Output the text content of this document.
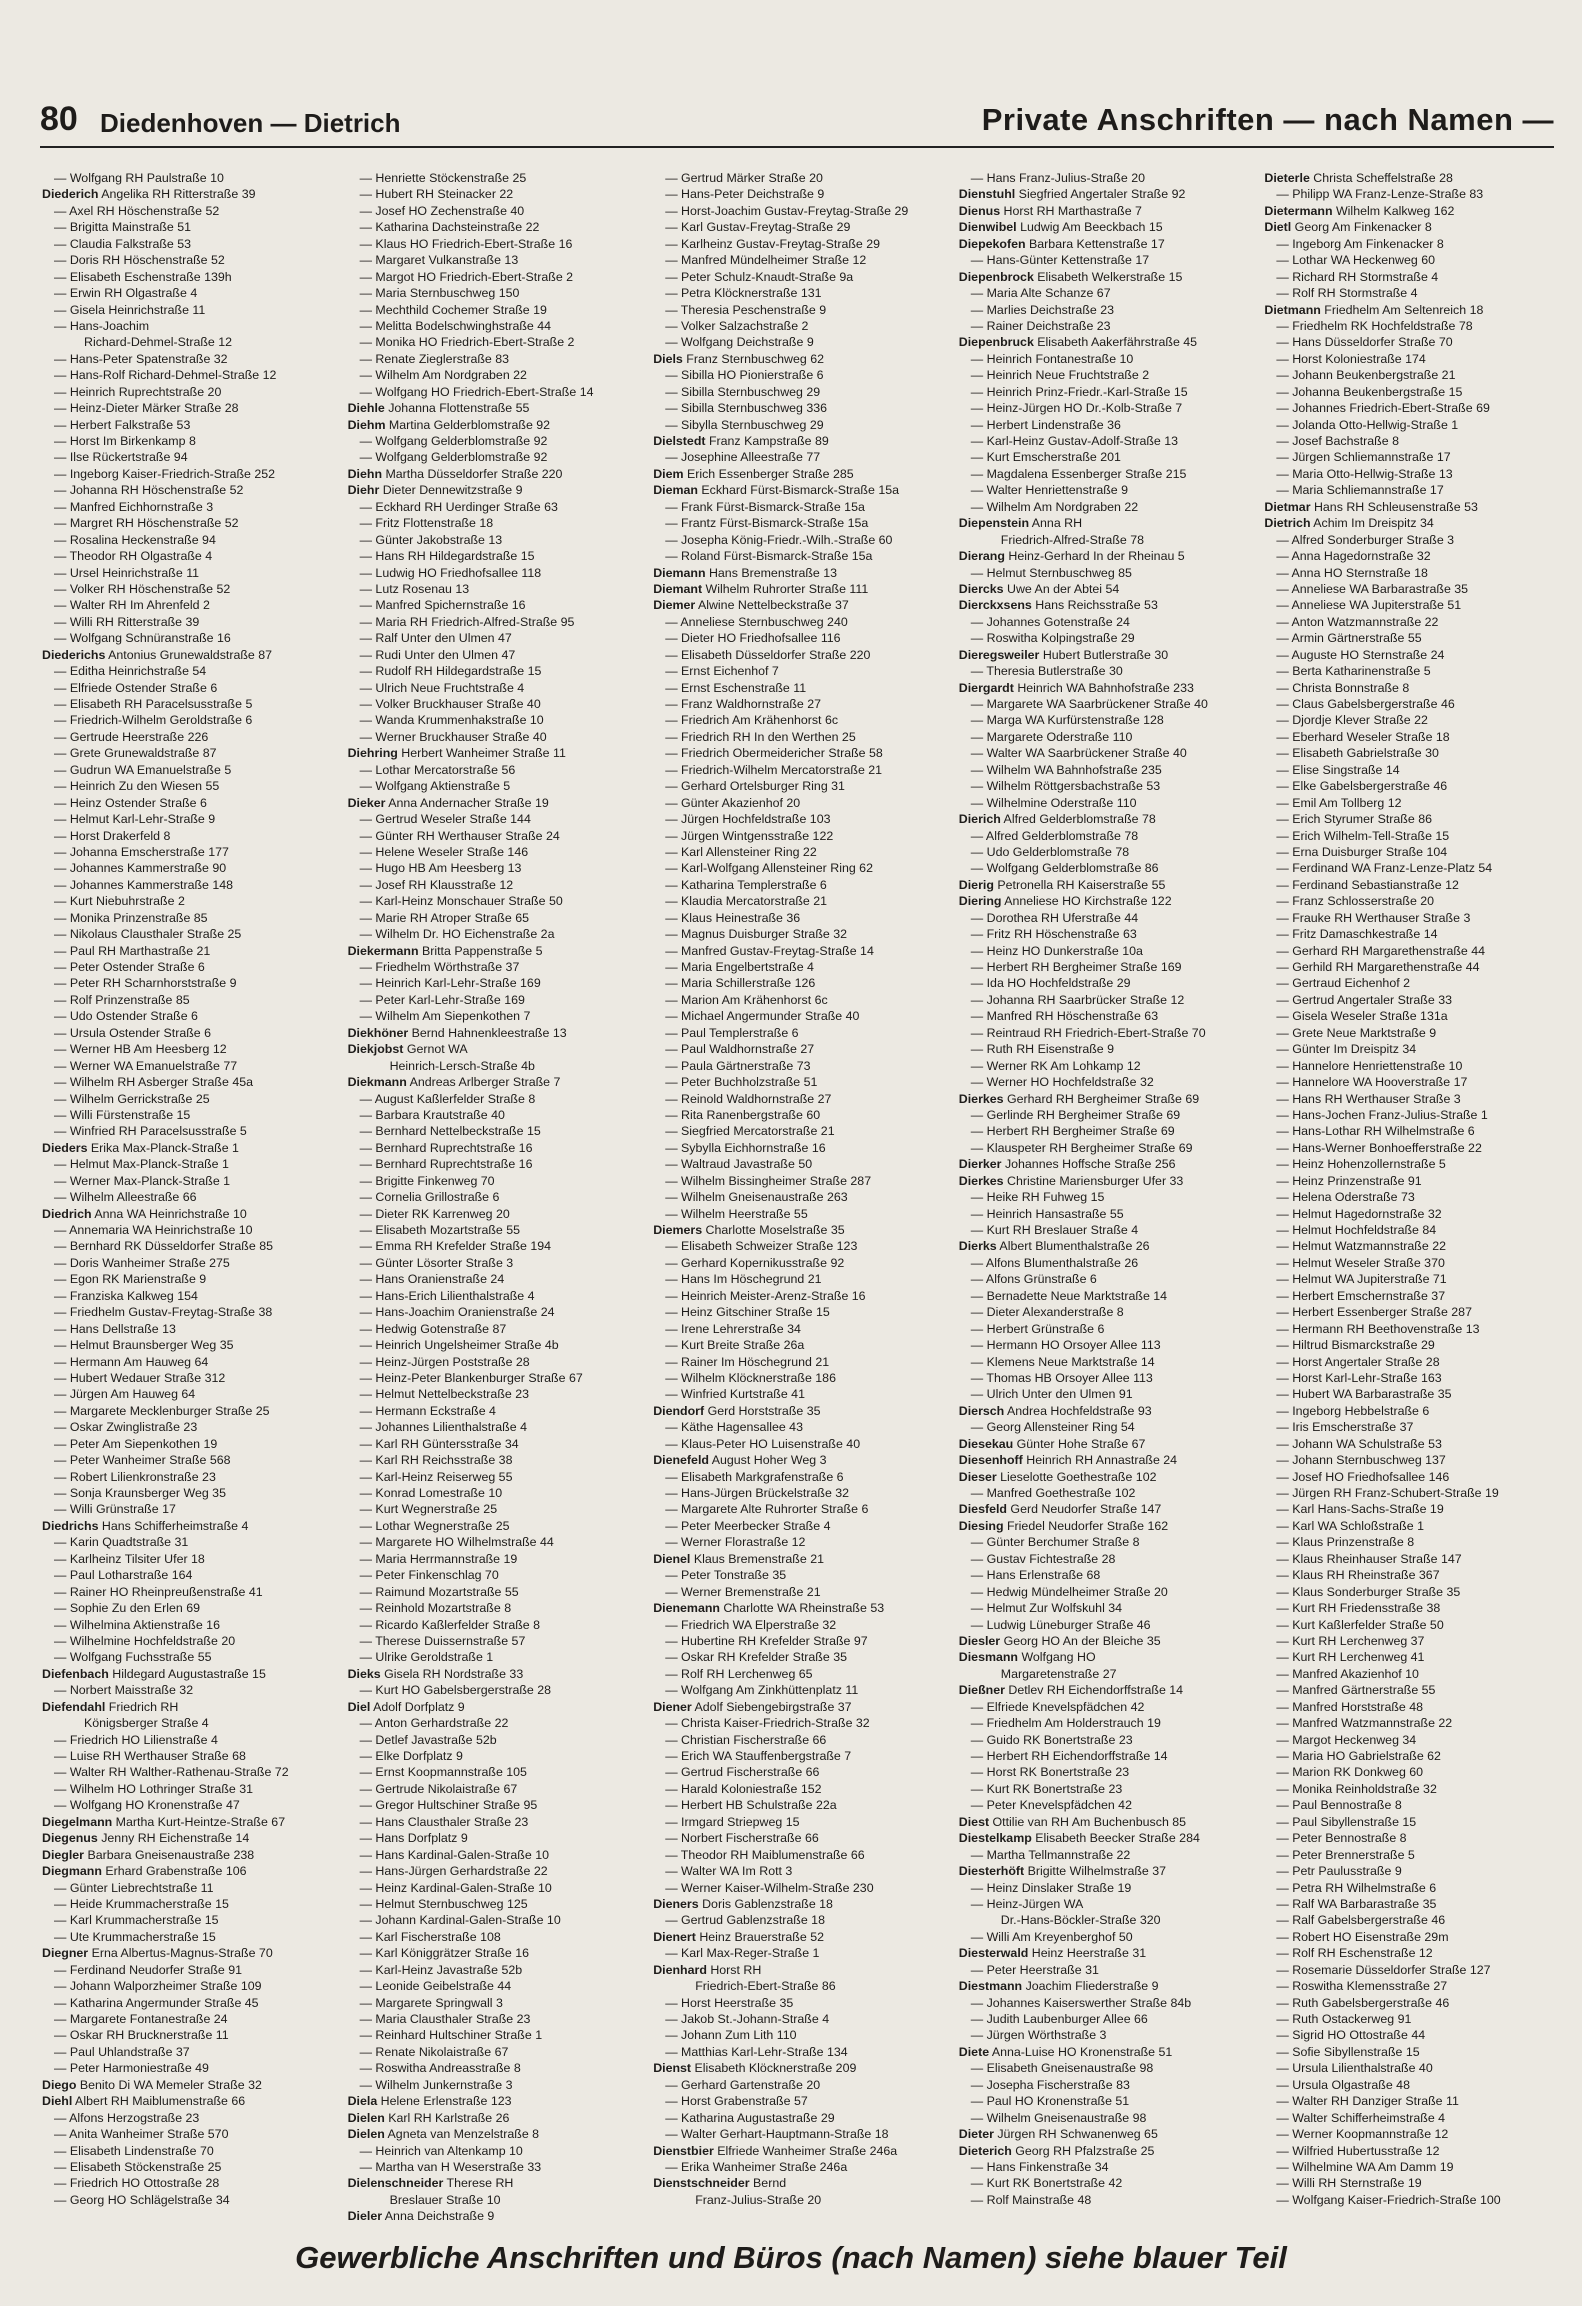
80 Diedenhoven — Dietrich	Private Anschriften — nach Namen —
— Wolfgang RH Paulstraße 10
Diederich Angelika RH Ritterstraße 39
— Axel RH Höschenstraße 52
— Brigitta Mainstraße 51
— Claudia Falkstraße 53
— Doris RH Höschenstraße 52
— Elisabeth Eschenstraße 139h
— Erwin RH Olgastraße 4
— Gisela Heinrichstraße 11
— Hans-Joachim
Richard-Dehmel-Straße 12
— Hans-Peter Spatenstraße 32
— Hans-Rolf Richard-Dehmel-Straße 12
— Heinrich Ruprechtstraße 20
— Heinz-Dieter Märker Straße 28
— Herbert Falkstraße 53
— Horst Im Birkenkamp 8
— Ilse Rückertstraße 94
— Ingeborg Kaiser-Friedrich-Straße 252
— Johanna RH Höschenstraße 52
— Manfred Eichhornstraße 3
— Margret RH Höschenstraße 52
— Rosalina Heckenstraße 94
— Theodor RH Olgastraße 4
— Ursel Heinrichstraße 11
— Volker RH Höschenstraße 52
— Walter RH Im Ahrenfeld 2
— Willi RH Ritterstraße 39
— Wolfgang Schnüranstraße 16
Diederichs Antonius Grunewaldstraße 87
— Editha Heinrichstraße 54
— Elfriede Ostender Straße 6
— Elisabeth RH Paracelsusstraße 5
— Friedrich-Wilhelm Geroldstraße 6
— Gertrude Heerstraße 226
— Grete Grunewaldstraße 87
— Gudrun WA Emanuelstraße 5
— Heinrich Zu den Wiesen 55
— Heinz Ostender Straße 6
— Helmut Karl-Lehr-Straße 9
— Horst Drakerfeld 8
— Johanna Emscherstraße 177
— Johannes Kammerstraße 90
— Johannes Kammerstraße 148
— Kurt Niebuhrstraße 2
— Monika Prinzenstraße 85
— Nikolaus Clausthaler Straße 25
— Paul RH Marthastraße 21
— Peter Ostender Straße 6
— Peter RH Scharnhorststraße 9
— Rolf Prinzenstraße 85
— Udo Ostender Straße 6
— Ursula Ostender Straße 6
— Werner HB Am Heesberg 12
— Werner WA Emanuelstraße 77
— Wilhelm RH Asberger Straße 45a
— Wilhelm Gerrickstraße 25
— Willi Fürstenstraße 15
— Winfried RH Paracelsusstraße 5
Dieders Erika Max-Planck-Straße 1
— Helmut Max-Planck-Straße 1
— Werner Max-Planck-Straße 1
— Wilhelm Alleestraße 66
Diedrich Anna WA Heinrichstraße 10
— Annemaria WA Heinrichstraße 10
— Bernhard RK Düsseldorfer Straße 85
— Doris Wanheimer Straße 275
— Egon RK Marienstraße 9
— Franziska Kalkweg 154
— Friedhelm Gustav-Freytag-Straße 38
— Hans Dellstraße 13
— Helmut Braunsberger Weg 35
— Hermann Am Hauweg 64
— Hubert Wedauer Straße 312
— Jürgen Am Hauweg 64
— Margarete Mecklenburger Straße 25
— Oskar Zwinglistraße 23
— Peter Am Siepenkothen 19
— Peter Wanheimer Straße 568
— Robert Lilienkronstraße 23
— Sonja Kraunsberger Weg 35
— Willi Grünstraße 17
Diedrichs Hans Schifferheimstraße 4
— Karin Quadtstraße 31
— Karlheinz Tilsiter Ufer 18
— Paul Lotharstraße 164
— Rainer HO Rheinpreußenstraße 41
— Sophie Zu den Erlen 69
— Wilhelmina Aktienstraße 16
— Wilhelmine Hochfeldstraße 20
— Wolfgang Fuchsstraße 55
Diefenbach Hildegard Augustastraße 15
— Norbert Maisstraße 32
Diefendahl Friedrich RH
Königsberger Straße 4
— Friedrich HO Lilienstraße 4
— Luise RH Werthauser Straße 68
— Walter RH Walther-Rathenau-Straße 72
— Wilhelm HO Lothringer Straße 31
— Wolfgang HO Kronenstraße 47
Diegelmann Martha Kurt-Heintze-Straße 67
Diegenus Jenny RH Eichenstraße 14
Diegler Barbara Gneisenaustraße 238
Diegmann Erhard Grabenstraße 106
— Günter Liebrechtstraße 11
— Heide Krummacherstraße 15
— Karl Krummacherstraße 15
— Ute Krummacherstraße 15
Diegner Erna Albertus-Magnus-Straße 70
— Ferdinand Neudorfer Straße 91
— Johann Walporzheimer Straße 109
— Katharina Angermunder Straße 45
— Margarete Fontanestraße 24
— Oskar RH Brucknerstraße 11
— Paul Uhlandstraße 37
— Peter Harmoniestraße 49
Diego Benito Di WA Memeler Straße 32
Diehl Albert RH Maiblumenstraße 66
— Alfons Herzogstraße 23
— Anita Wanheimer Straße 570
— Elisabeth Lindenstraße 70
— Elisabeth Stöckenstraße 25
— Friedrich HO Ottostraße 28
— Georg HO Schlägelstraße 34
— Henriette Stöckenstraße 25
— Hubert RH Steinacker 22
— Josef HO Zechenstraße 40
— Katharina Dachsteinstraße 22
— Klaus HO Friedrich-Ebert-Straße 16
— Margaret Vulkanstraße 13
— Margot HO Friedrich-Ebert-Straße 2
— Maria Sternbuschweg 150
— Mechthild Cochemer Straße 19
— Melitta Bodelschwinghstraße 44
— Monika HO Friedrich-Ebert-Straße 2
— Renate Zieglerstraße 83
— Wilhelm Am Nordgraben 22
— Wolfgang HO Friedrich-Ebert-Straße 14
Diehle Johanna Flottenstraße 55
Diehm Martina Gelderblomstraße 92
— Wolfgang Gelderblomstraße 92
— Wolfgang Gelderblomstraße 92
Diehn Martha Düsseldorfer Straße 220
Diehr Dieter Dennewitzstraße 9
— Eckhard RH Uerdinger Straße 63
— Fritz Flottenstraße 18
— Günter Jakobstraße 13
— Hans RH Hildegardstraße 15
— Ludwig HO Friedhofsallee 118
— Lutz Rosenau 13
— Manfred Spichernstraße 16
— Maria RH Friedrich-Alfred-Straße 95
— Ralf Unter den Ulmen 47
— Rudi Unter den Ulmen 47
— Rudolf RH Hildegardstraße 15
— Ulrich Neue Fruchtstraße 4
— Volker Bruckhauser Straße 40
— Wanda Krummenhakstraße 10
— Werner Bruckhauser Straße 40
Diehring Herbert Wanheimer Straße 11
— Lothar Mercatorstraße 56
— Wolfgang Aktienstraße 5
Dieker Anna Andernacher Straße 19
— Gertrud Weseler Straße 144
— Günter RH Werthauser Straße 24
— Helene Weseler Straße 146
— Hugo HB Am Heesberg 13
— Josef RH Klausstraße 12
— Karl-Heinz Monschauer Straße 50
— Marie RH Atroper Straße 65
— Wilhelm Dr. HO Eichenstraße 2a
Diekermann Britta Pappenstraße 5
— Friedhelm Wörthstraße 37
— Heinrich Karl-Lehr-Straße 169
— Peter Karl-Lehr-Straße 169
— Wilhelm Am Siepenkothen 7
Diekhöner Bernd Hahnenkleestraße 13
Diekjobst Gernot WA
Heinrich-Lersch-Straße 4b
Diekmann Andreas Arlberger Straße 7
— August Kaßlerfelder Straße 8
— Barbara Krautstraße 40
— Bernhard Nettelbeckstraße 15
— Bernhard Ruprechtstraße 16
— Bernhard Ruprechtstraße 16
— Brigitte Finkenweg 70
— Cornelia Grillostraße 6
— Dieter RK Karrenweg 20
— Elisabeth Mozartstraße 55
— Emma RH Krefelder Straße 194
— Günter Lösorter Straße 3
— Hans Oranienstraße 24
— Hans-Erich Lilienthalstraße 4
— Hans-Joachim Oranienstraße 24
— Hedwig Gotenstraße 87
— Heinrich Ungelsheimer Straße 4b
— Heinz-Jürgen Poststraße 28
— Heinz-Peter Blankenburger Straße 67
— Helmut Nettelbeckstraße 23
— Hermann Eckstraße 4
— Johannes Lilienthalstraße 4
— Karl RH Güntersstraße 34
— Karl RH Reichsstraße 38
— Karl-Heinz Reiserweg 55
— Konrad Lomestraße 10
— Kurt Wegnerstraße 25
— Lothar Wegnerstraße 25
— Margarete HO Wilhelmstraße 44
— Maria Herrmannstraße 19
— Peter Finkenschlag 70
— Raimund Mozartstraße 55
— Reinhold Mozartstraße 8
— Ricardo Kaßlerfelder Straße 8
— Therese Duissernstraße 57
— Ulrike Geroldstraße 1
Dieks Gisela RH Nordstraße 33
— Kurt HO Gabelsbergerstraße 28
Diel Adolf Dorfplatz 9
— Anton Gerhardstraße 22
— Detlef Javastraße 52b
— Elke Dorfplatz 9
— Ernst Koopmannstraße 105
— Gertrude Nikolaistraße 67
— Gregor Hultschiner Straße 95
— Hans Clausthaler Straße 23
— Hans Dorfplatz 9
— Hans Kardinal-Galen-Straße 10
— Hans-Jürgen Gerhardstraße 22
— Heinz Kardinal-Galen-Straße 10
— Helmut Sternbuschweg 125
— Johann Kardinal-Galen-Straße 10
— Karl Fischerstraße 108
— Karl Königgrätzer Straße 16
— Karl-Heinz Javastraße 52b
— Leonide Geibelstraße 44
— Margarete Springwall 3
— Maria Clausthaler Straße 23
— Reinhard Hultschiner Straße 1
— Renate Nikolaistraße 67
— Roswitha Andreasstraße 8
— Wilhelm Junkernstraße 3
Diela Helene Erlenstraße 123
Dielen Karl RH Karlstraße 26
Dielen Agneta van Menzelstraße 8
— Heinrich van Altenkamp 10
— Martha van H Weserstraße 33
Dielenschneider Therese RH
Breslauer Straße 10
Dieler Anna Deichstraße 9
— Gertrud Märker Straße 20
— Hans-Peter Deichstraße 9
— Horst-Joachim Gustav-Freytag-Straße 29
— Karl Gustav-Freytag-Straße 29
— Karlheinz Gustav-Freytag-Straße 29
— Manfred Mündelheimer Straße 12
— Peter Schulz-Knaudt-Straße 9a
— Petra Klöcknerstraße 131
— Theresia Peschenstraße 9
— Volker Salzachstraße 2
— Wolfgang Deichstraße 9
Diels Franz Sternbuschweg 62
— Sibilla HO Pionierstraße 6
— Sibilla Sternbuschweg 29
— Sibilla Sternbuschweg 336
— Sibylla Sternbuschweg 29
Dielstedt Franz Kampstraße 89
— Josephine Alleestraße 77
Diem Erich Essenberger Straße 285
Dieman Eckhard Fürst-Bismarck-Straße 15a
— Frank Fürst-Bismarck-Straße 15a
— Frantz Fürst-Bismarck-Straße 15a
— Josepha König-Friedr.-Wilh.-Straße 60
— Roland Fürst-Bismarck-Straße 15a
Diemann Hans Bremenstraße 13
Diemant Wilhelm Ruhrorter Straße 111
Diemer Alwine Nettelbeckstraße 37
— Anneliese Sternbuschweg 240
— Dieter HO Friedhofsallee 116
— Elisabeth Düsseldorfer Straße 220
— Ernst Eichenhof 7
— Ernst Eschenstraße 11
— Franz Waldhornstraße 27
— Friedrich Am Krähenhorst 6c
— Friedrich RH In den Werthen 25
— Friedrich Obermeidericher Straße 58
— Friedrich-Wilhelm Mercatorstraße 21
— Gerhard Ortelsburger Ring 31
— Günter Akazienhof 20
— Jürgen Hochfeldstraße 103
— Jürgen Wintgensstraße 122
— Karl Allensteiner Ring 22
— Karl-Wolfgang Allensteiner Ring 62
— Katharina Templerstraße 6
— Klaudia Mercatorstraße 21
— Klaus Heinestraße 36
— Magnus Duisburger Straße 32
— Manfred Gustav-Freytag-Straße 14
— Maria Engelbertstraße 4
— Maria Schillerstraße 126
— Marion Am Krähenhorst 6c
— Michael Angermunder Straße 40
— Paul Templerstraße 6
— Paul Waldhornstraße 27
— Paula Gärtnerstraße 73
— Peter Buchholzstraße 51
— Reinold Waldhornstraße 27
— Rita Ranenbergstraße 60
— Siegfried Mercatorstraße 21
— Sybylla Eichhornstraße 16
— Waltraud Javastraße 50
— Wilhelm Bissingheimer Straße 287
— Wilhelm Gneisenaustraße 263
— Wilhelm Heerstraße 55
Diemers Charlotte Moselstraße 35
— Elisabeth Schweizer Straße 123
— Gerhard Kopernikusstraße 92
— Hans Im Höschegrund 21
— Heinrich Meister-Arenz-Straße 16
— Heinz Gitschiner Straße 15
— Irene Lehrerstraße 34
— Kurt Breite Straße 26a
— Rainer Im Höschegrund 21
— Wilhelm Klöcknerstraße 186
— Winfried Kurtstraße 41
Diendorf Gerd Horststraße 35
— Käthe Hagensallee 43
— Klaus-Peter HO Luisenstraße 40
Dienefeld August Hoher Weg 3
— Elisabeth Markgrafenstraße 6
— Hans-Jürgen Brückelstraße 32
— Margarete Alte Ruhrorter Straße 6
— Peter Meerbecker Straße 4
— Werner Florastraße 12
Dienel Klaus Bremenstraße 21
— Peter Tonstraße 35
— Werner Bremenstraße 21
Dienemann Charlotte WA Rheinstraße 53
— Friedrich WA Elperstraße 32
— Hubertine RH Krefelder Straße 97
— Oskar RH Krefelder Straße 35
— Rolf RH Lerchenweg 65
— Wolfgang Am Zinkhüttenplatz 11
Diener Adolf Siebengebirgstraße 37
— Christa Kaiser-Friedrich-Straße 32
— Christian Fischerstraße 66
— Erich WA Stauffenbergstraße 7
— Gertrud Fischerstraße 66
— Harald Koloniestraße 152
— Herbert HB Schulstraße 22a
— Irmgard Striepweg 15
— Norbert Fischerstraße 66
— Theodor RH Maiblumenstraße 66
— Walter WA Im Rott 3
— Werner Kaiser-Wilhelm-Straße 230
Dieners Doris Gablenzstraße 18
— Gertrud Gablenzstraße 18
Dienert Heinz Brauerstraße 52
— Karl Max-Reger-Straße 1
Dienhard Horst RH
Friedrich-Ebert-Straße 86
— Horst Heerstraße 35
— Jakob St.-Johann-Straße 4
— Johann Zum Lith 110
— Matthias Karl-Lehr-Straße 134
Dienst Elisabeth Klöcknerstraße 209
— Gerhard Gartenstraße 20
— Horst Grabenstraße 57
— Katharina Augustastraße 29
— Walter Gerhart-Hauptmann-Straße 18
Dienstbier Elfriede Wanheimer Straße 246a
— Erika Wanheimer Straße 246a
Dienstschneider Bernd
Franz-Julius-Straße 20
— Hans Franz-Julius-Straße 20
Dienstuhl Siegfried Angertaler Straße 92
Dienus Horst RH Marthastraße 7
Dienwibel Ludwig Am Beeckbach 15
Diepekofen Barbara Kettenstraße 17
— Hans-Günter Kettenstraße 17
Diepenbrock Elisabeth Welkerstraße 15
— Maria Alte Schanze 67
— Marlies Deichstraße 23
— Rainer Deichstraße 23
Diepenbruck Elisabeth Aakerfährstraße 45
— Heinrich Fontanestraße 10
— Heinrich Neue Fruchtstraße 2
— Heinrich Prinz-Friedr.-Karl-Straße 15
— Heinz-Jürgen HO Dr.-Kolb-Straße 7
— Herbert Lindenstraße 36
— Karl-Heinz Gustav-Adolf-Straße 13
— Kurt Emscherstraße 201
— Magdalena Essenberger Straße 215
— Walter Henriettenstraße 9
— Wilhelm Am Nordgraben 22
Diepenstein Anna RH
Friedrich-Alfred-Straße 78
Dierang Heinz-Gerhard In der Rheinau 5
— Helmut Sternbuschweg 85
Diercks Uwe An der Abtei 54
Dierckxsens Hans Reichsstraße 53
— Johannes Gotenstraße 24
— Roswitha Kolpingstraße 29
Dieregsweiler Hubert Butlerstraße 30
— Theresia Butlerstraße 30
Diergardt Heinrich WA Bahnhofstraße 233
— Margarete WA Saarbrückener Straße 40
— Marga WA Kurfürstenstraße 128
— Margarete Oderstraße 110
— Walter WA Saarbrückener Straße 40
— Wilhelm WA Bahnhofstraße 235
— Wilhelm Röttgersbachstraße 53
— Wilhelmine Oderstraße 110
Dierich Alfred Gelderblomstraße 78
— Alfred Gelderblomstraße 78
— Udo Gelderblomstraße 78
— Wolfgang Gelderblomstraße 86
Dierig Petronella RH Kaiserstraße 55
Diering Anneliese HO Kirchstraße 122
— Dorothea RH Uferstraße 44
— Fritz RH Höschenstraße 63
— Heinz HO Dunkerstraße 10a
— Herbert RH Bergheimer Straße 169
— Ida HO Hochfeldstraße 29
— Johanna RH Saarbrücker Straße 12
— Manfred RH Höschenstraße 63
— Reintraud RH Friedrich-Ebert-Straße 70
— Ruth RH Eisenstraße 9
— Werner RK Am Lohkamp 12
— Werner HO Hochfeldstraße 32
Dierkes Gerhard RH Bergheimer Straße 69
— Gerlinde RH Bergheimer Straße 69
— Herbert RH Bergheimer Straße 69
— Klauspeter RH Bergheimer Straße 69
Dierker Johannes Hoffsche Straße 256
Dierkes Christine Mariensburger Ufer 33
— Heike RH Fuhweg 15
— Heinrich Hansastraße 55
— Kurt RH Breslauer Straße 4
Dierks Albert Blumenthalstraße 26
— Alfons Blumenthalstraße 26
— Alfons Grünstraße 6
— Bernadette Neue Marktstraße 14
— Dieter Alexanderstraße 8
— Herbert Grünstraße 6
— Hermann HO Orsoyer Allee 113
— Klemens Neue Marktstraße 14
— Thomas HB Orsoyer Allee 113
— Ulrich Unter den Ulmen 91
Diersch Andrea Hochfeldstraße 93
— Georg Allensteiner Ring 54
Diesekau Günter Hohe Straße 67
Diesenhoff Heinrich RH Annastraße 24
Dieser Lieselotte Goethestraße 102
— Manfred Goethestraße 102
Diesfeld Gerd Neudorfer Straße 147
Diesing Friedel Neudorfer Straße 162
— Günter Berchumer Straße 8
— Gustav Fichtestraße 28
— Hans Erlenstraße 68
— Hedwig Mündelheimer Straße 20
— Helmut Zur Wolfskuhl 34
— Ludwig Lüneburger Straße 46
Diesler Georg HO An der Bleiche 35
Diesmann Wolfgang HO
Margaretenstraße 27
Dießner Detlev RH Eichendorffstraße 14
— Elfriede Knevelspfädchen 42
— Friedhelm Am Holderstrauch 19
— Guido RK Bonertstraße 23
— Herbert RH Eichendorffstraße 14
— Horst RK Bonertstraße 23
— Kurt RK Bonertstraße 23
— Peter Knevelspfädchen 42
Diest Ottilie van RH Am Buchenbusch 85
Diestelkamp Elisabeth Beecker Straße 284
— Martha Tellmannstraße 22
Diesterhöft Brigitte Wilhelmstraße 37
— Heinz Dinslaker Straße 19
— Heinz-Jürgen WA
Dr.-Hans-Böckler-Straße 320
— Willi Am Kreyenberghof 50
Diesterwald Heinz Heerstraße 31
— Peter Heerstraße 31
Diestmann Joachim Fliederstraße 9
— Johannes Kaiserswerther Straße 84b
— Judith Laubenburger Allee 66
— Jürgen Wörthstraße 3
Diete Anna-Luise HO Kronenstraße 51
— Elisabeth Gneisenaustraße 98
— Josepha Fischerstraße 83
— Paul HO Kronenstraße 51
— Wilhelm Gneisenaustraße 98
Dieter Jürgen RH Schwanenweg 65
Dieterich Georg RH Pfalzstraße 25
— Hans Finkenstraße 34
— Kurt RK Bonertstraße 42
— Rolf Mainstraße 48
Dieterle Christa Scheffelstraße 28
— Philipp WA Franz-Lenze-Straße 83
Dietermann Wilhelm Kalkweg 162
Dietl Georg Am Finkenacker 8
— Ingeborg Am Finkenacker 8
— Lothar WA Heckenweg 60
— Richard RH Stormstraße 4
— Rolf RH Stormstraße 4
Dietmann Friedhelm Am Seltenreich 18
— Friedhelm RK Hochfeldstraße 78
— Hans Düsseldorfer Straße 70
— Horst Koloniestraße 174
— Johann Beukenbergstraße 21
— Johanna Beukenbergstraße 15
— Johannes Friedrich-Ebert-Straße 69
— Jolanda Otto-Hellwig-Straße 1
— Josef Bachstraße 8
— Jürgen Schliemannstraße 17
— Maria Otto-Hellwig-Straße 13
— Maria Schliemannstraße 17
Dietmar Hans RH Schleusenstraße 53
Dietrich Achim Im Dreispitz 34
— Alfred Sonderburger Straße 3
— Anna Hagedornstraße 32
— Anna HO Sternstraße 18
— Anneliese WA Barbarastraße 35
— Anneliese WA Jupiterstraße 51
— Anton Watzmannstraße 22
— Armin Gärtnerstraße 55
— Auguste HO Sternstraße 24
— Berta Katharinenstraße 5
— Christa Bonnstraße 8
— Claus Gabelsbergerstraße 46
— Djordje Klever Straße 22
— Eberhard Weseler Straße 18
— Elisabeth Gabrielstraße 30
— Elise Singstraße 14
— Elke Gabelsbergerstraße 46
— Emil Am Tollberg 12
— Erich Styrumer Straße 86
— Erich Wilhelm-Tell-Straße 15
— Erna Duisburger Straße 104
— Ferdinand WA Franz-Lenze-Platz 54
— Ferdinand Sebastianstraße 12
— Franz Schlosserstraße 20
— Frauke RH Werthauser Straße 3
— Fritz Damaschkestraße 14
— Gerhard RH Margarethenstraße 44
— Gerhild RH Margarethenstraße 44
— Gertraud Eichenhof 2
— Gertrud Angertaler Straße 33
— Gisela Weseler Straße 131a
— Grete Neue Marktstraße 9
— Günter Im Dreispitz 34
— Hannelore Henriettenstraße 10
— Hannelore WA Hooverstraße 17
— Hans RH Werthauser Straße 3
— Hans-Jochen Franz-Julius-Straße 1
— Hans-Lothar RH Wilhelmstraße 6
— Hans-Werner Bonhoefferstraße 22
— Heinz Hohenzollernstraße 5
— Heinz Prinzenstraße 91
— Helena Oderstraße 73
— Helmut Hagedornstraße 32
— Helmut Hochfeldstraße 84
— Helmut Watzmannstraße 22
— Helmut Weseler Straße 370
— Helmut WA Jupiterstraße 71
— Herbert Emschernstraße 37
— Herbert Essenberger Straße 287
— Hermann RH Beethovenstraße 13
— Hiltrud Bismarckstraße 29
— Horst Angertaler Straße 28
— Horst Karl-Lehr-Straße 163
— Hubert WA Barbarastraße 35
— Ingeborg Hebbelstraße 6
— Iris Emscherstraße 37
— Johann WA Schulstraße 53
— Johann Sternbuschweg 137
— Josef HO Friedhofsallee 146
— Jürgen RH Franz-Schubert-Straße 19
— Karl Hans-Sachs-Straße 19
— Karl WA Schloßstraße 1
— Klaus Prinzenstraße 8
— Klaus Rheinhauser Straße 147
— Klaus RH Rheinstraße 367
— Klaus Sonderburger Straße 35
— Kurt RH Friedensstraße 38
— Kurt Kaßlerfelder Straße 50
— Kurt RH Lerchenweg 37
— Kurt RH Lerchenweg 41
— Manfred Akazienhof 10
— Manfred Gärtnerstraße 55
— Manfred Horststraße 48
— Manfred Watzmannstraße 22
— Margot Heckenweg 34
— Maria HO Gabrielstraße 62
— Marion RK Donkweg 60
— Monika Reinholdstraße 32
— Paul Bennostraße 8
— Paul Sibyllenstraße 15
— Peter Bennostraße 8
— Peter Brennerstraße 5
— Petr Paulusstraße 9
— Petra RH Wilhelmstraße 6
— Ralf WA Barbarastraße 35
— Ralf Gabelsbergerstraße 46
— Robert HO Eisenstraße 29m
— Rolf RH Eschenstraße 12
— Rosemarie Düsseldorfer Straße 127
— Roswitha Klemensstraße 27
— Ruth Gabelsbergerstraße 46
— Ruth Ostackerweg 91
— Sigrid HO Ottostraße 44
— Sofie Sibyllenstraße 15
— Ursula Lilienthalstraße 40
— Ursula Olgastraße 48
— Walter RH Danziger Straße 11
— Walter Schifferheimstraße 4
— Werner Koopmannstraße 12
— Wilfried Hubertusstraße 12
— Wilhelmine WA Am Damm 19
— Willi RH Sternstraße 19
— Wolfgang Kaiser-Friedrich-Straße 100
Gewerbliche Anschriften und Büros (nach Namen) siehe blauer Teil
